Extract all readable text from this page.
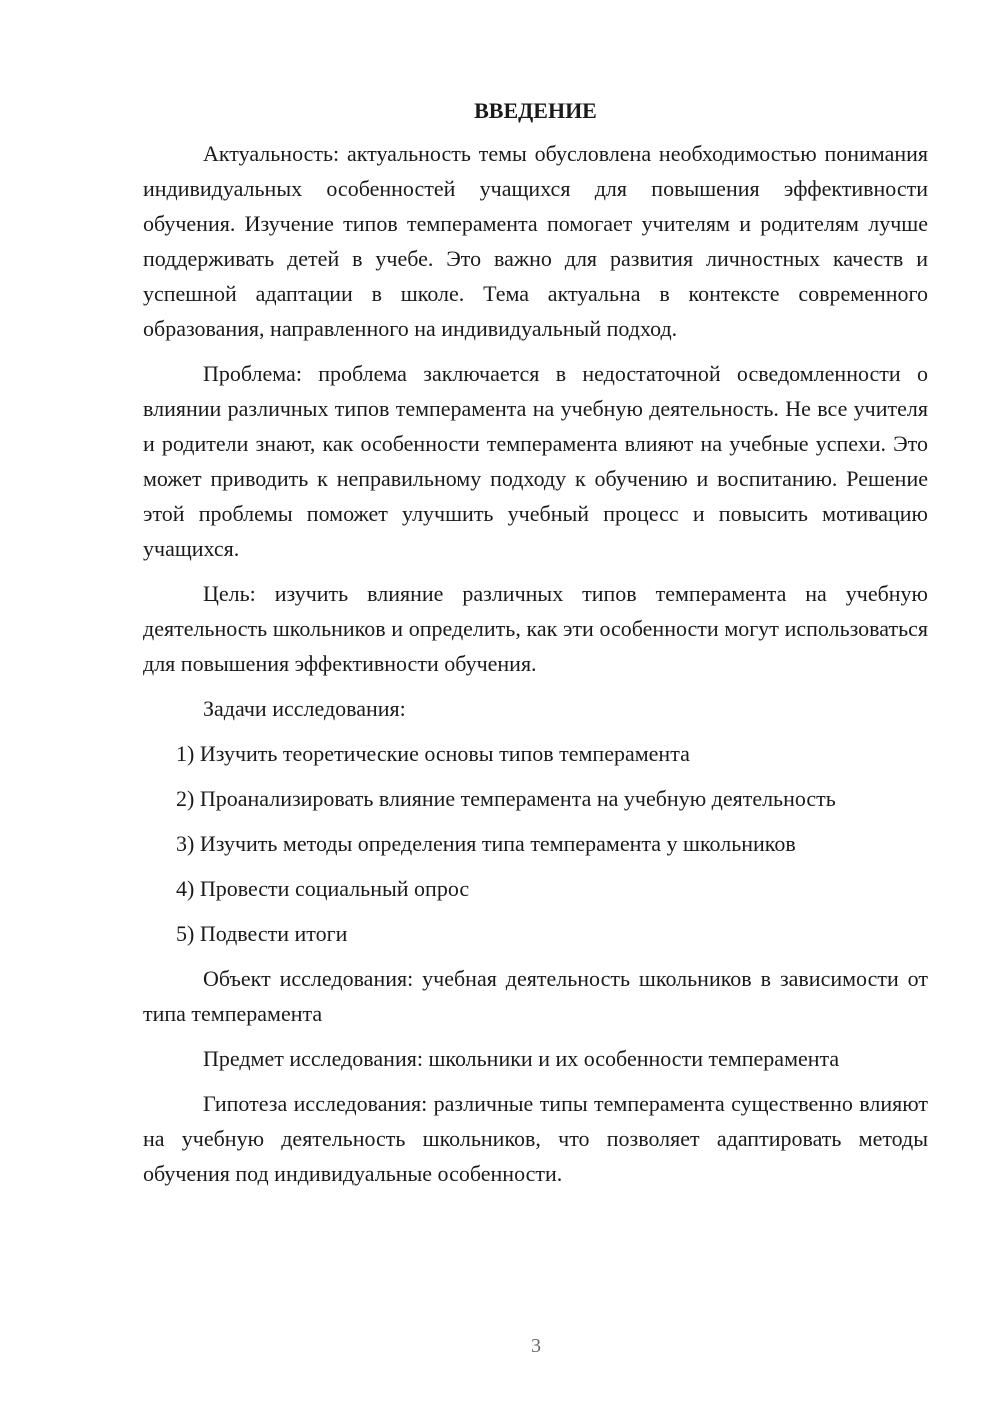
ВВЕДЕНИЕ

Актуальность: актуальность темы обусловлена необходимостью понимания индивидуальных особенностей учащихся для повышения эффективности обучения. Изучение типов темперамента помогает учителям и родителям лучше поддерживать детей в учебе. Это важно для развития личностных качеств и успешной адаптации в школе. Тема актуальна в контексте современного образования, направленного на индивидуальный подход.

Проблема: проблема заключается в недостаточной осведомленности о влиянии различных типов темперамента на учебную деятельность. Не все учителя и родители знают, как особенности темперамента влияют на учебные успехи. Это может приводить к неправильному подходу к обучению и воспитанию. Решение этой проблемы поможет улучшить учебный процесс и повысить мотивацию учащихся.

Цель: изучить влияние различных типов темперамента на учебную деятельность школьников и определить, как эти особенности могут использоваться для повышения эффективности обучения.

Задачи исследования:

1) Изучить теоретические основы типов темперамента

2) Проанализировать влияние темперамента на учебную деятельность

3) Изучить методы определения типа темперамента у школьников

4) Провести социальный опрос

5) Подвести итоги

Объект исследования: учебная деятельность школьников в зависимости от типа темперамента

Предмет исследования: школьники и их особенности темперамента

Гипотеза исследования: различные типы темперамента существенно влияют на учебную деятельность школьников, что позволяет адаптировать методы обучения под индивидуальные особенности.

3
